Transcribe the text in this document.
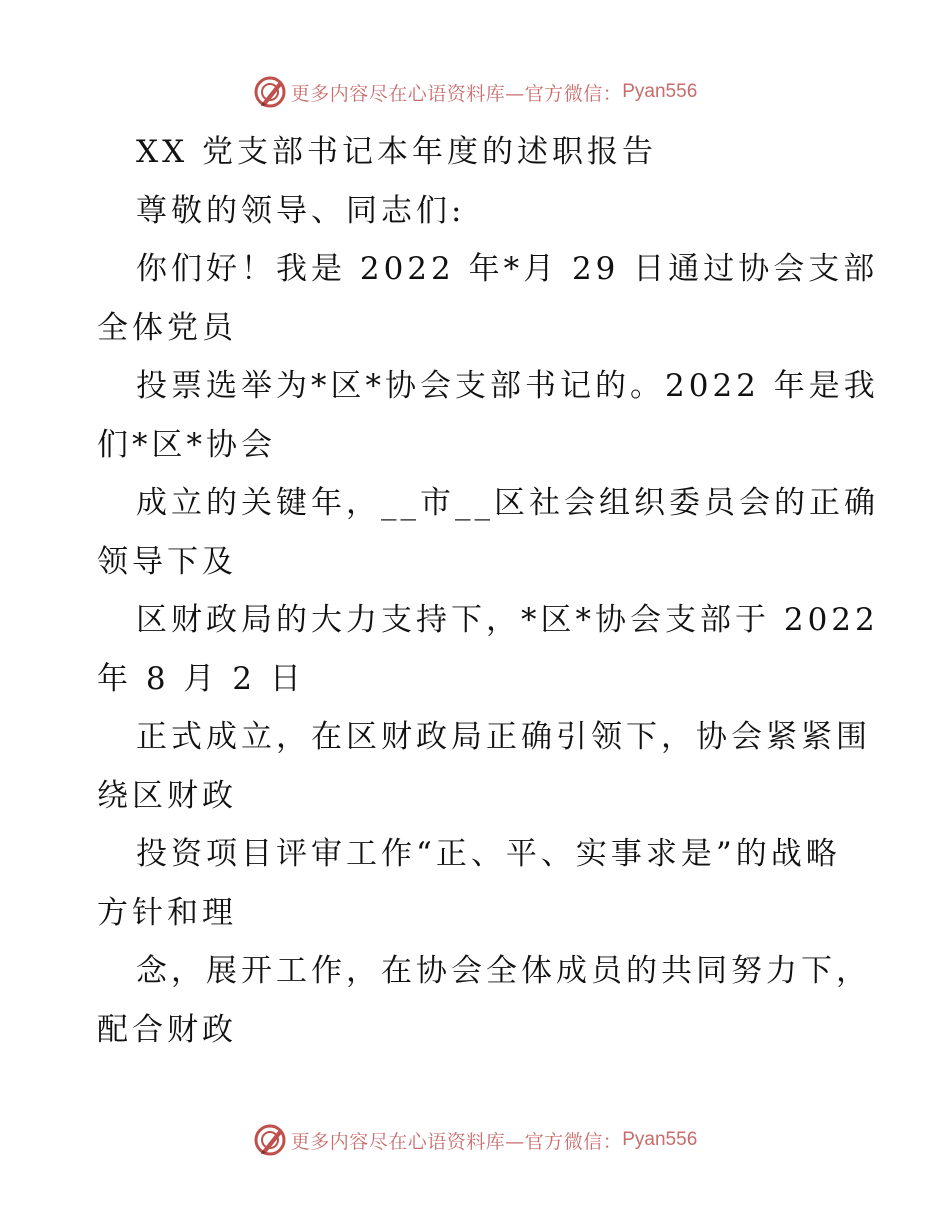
更多内容尽在心语资料库—官方微信： Pyan556
XX 党支部书记本年度的述职报告
尊敬的领导、同志们:
你们好！我是 2022 年*月 29 日通过协会支部
全体党员
投票选举为*区*协会支部书记的。2022 年是我
们*区*协会
成立的关键年，__市__区社会组织委员会的正确
领导下及
区财政局的大力支持下，*区*协会支部于 2022
年 8 月 2 日
正式成立，在区财政局正确引领下，协会紧紧围
绕区财政
投资项目评审工作“正、平、实事求是”的战略
方针和理
念，展开工作，在协会全体成员的共同努力下，
配合财政
更多内容尽在心语资料库—官方微信： Pyan556
